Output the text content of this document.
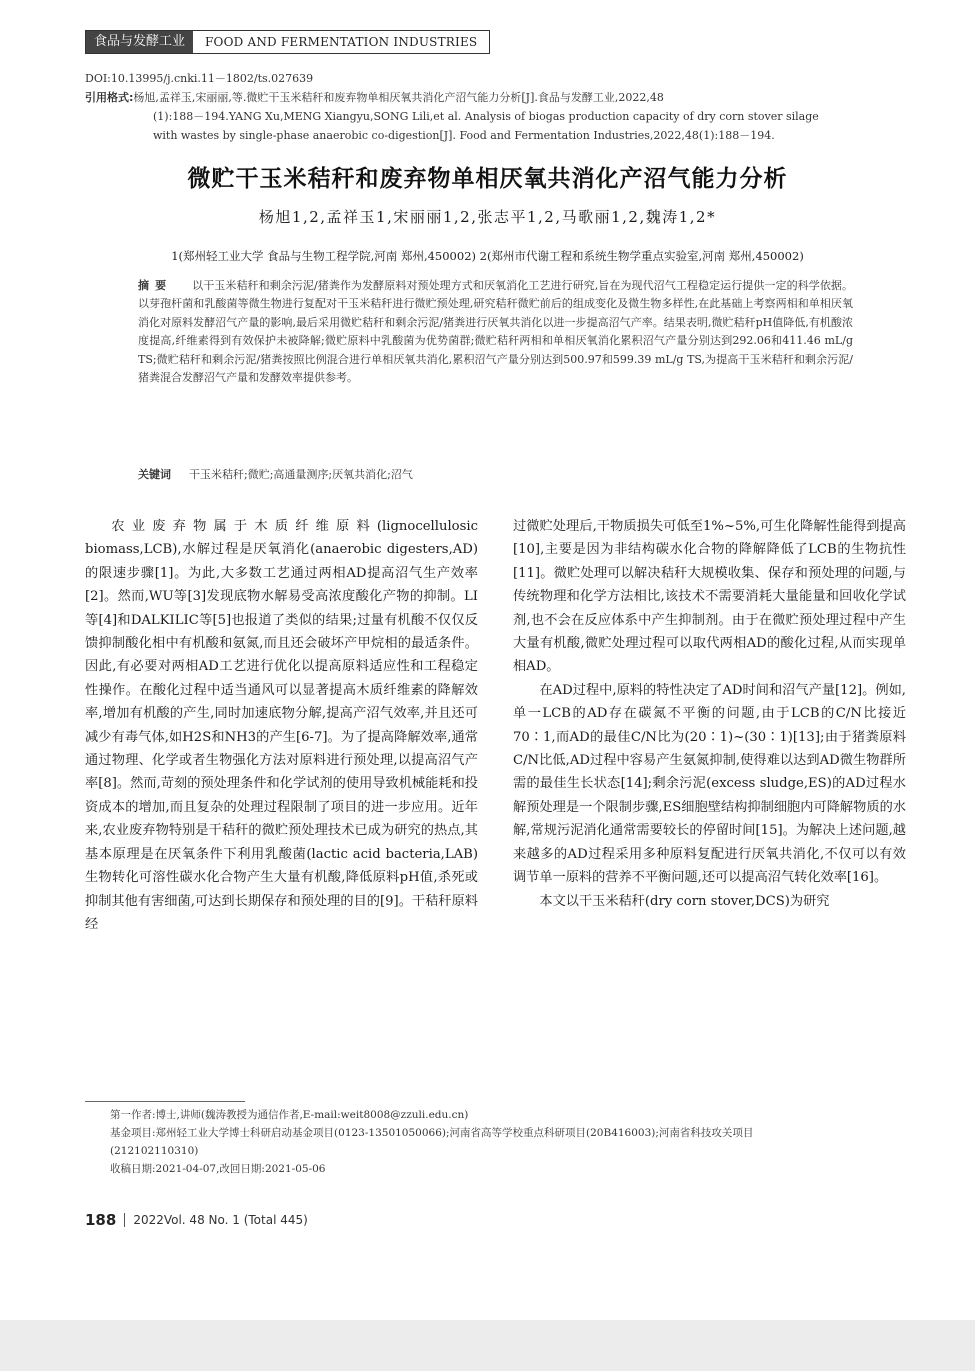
食品与发酵工业	FOOD AND FERMENTATION INDUSTRIES
DOI:10.13995/j.cnki.11－1802/ts.027639
引用格式:杨旭,孟祥玉,宋丽丽,等.微贮干玉米秸秆和废弃物单相厌氧共消化产沼气能力分析[J].食品与发酵工业,2022,48
(1):188－194.YANG Xu,MENG Xiangyu,SONG Lili,et al. Analysis of biogas production capacity of dry corn stover silage
with wastes by single-phase anaerobic co-digestion[J]. Food and Fermentation Industries,2022,48(1):188－194.
微贮干玉米秸秆和废弃物单相厌氧共消化产沼气能力分析
杨旭1,2,孟祥玉1,宋丽丽1,2,张志平1,2,马歌丽1,2,魏涛1,2*
1(郑州轻工业大学 食品与生物工程学院,河南 郑州,450002) 2(郑州市代谢工程和系统生物学重点实验室,河南 郑州,450002)
摘要 以干玉米秸秆和剩余污泥/猪粪作为发酵原料对预处理方式和厌氧消化工艺进行研究,旨在为现代沼气工程稳定运行提供一定的科学依据。以芽孢杆菌和乳酸菌等微生物进行复配对干玉米秸秆进行微贮预处理,研究秸秆微贮前后的组成变化及微生物多样性,在此基础上考察两相和单相厌氧消化对原料发酵沼气产量的影响,最后采用微贮秸秆和剩余污泥/猪粪进行厌氧共消化以进一步提高沼气产率。结果表明,微贮秸秆pH值降低,有机酸浓度提高,纤维素得到有效保护未被降解;微贮原料中乳酸菌为优势菌群;微贮秸秆两相和单相厌氧消化累积沼气产量分别达到292.06和411.46 mL/g TS;微贮秸秆和剩余污泥/猪粪按照比例混合进行单相厌氧共消化,累积沼气产量分别达到500.97和599.39 mL/g TS,为提高干玉米秸秆和剩余污泥/猪粪混合发酵沼气产量和发酵效率提供参考。
关键词 干玉米秸秆;微贮;高通量测序;厌氧共消化;沼气

农业废弃物属于木质纤维原料(lignocellulosic biomass,LCB),水解过程是厌氧消化(anaerobic digesters,AD)的限速步骤[1]。为此,大多数工艺通过两相AD提高沼气生产效率[2]。然而,WU等[3]发现底物水解易受高浓度酸化产物的抑制。LI等[4]和DALKILIC等[5]也报道了类似的结果;过量有机酸不仅仅反馈抑制酸化相中有机酸和氨氮,而且还会破坏产甲烷相的最适条件。因此,有必要对两相AD工艺进行优化以提高原料适应性和工程稳定性操作。在酸化过程中适当通风可以显著提高木质纤维素的降解效率,增加有机酸的产生,同时加速底物分解,提高产沼气效率,并且还可减少有毒气体,如H2S和NH3的产生[6-7]。为了提高降解效率,通常通过物理、化学或者生物强化方法对原料进行预处理,以提高沼气产率[8]。然而,苛刻的预处理条件和化学试剂的使用导致机械能耗和投资成本的增加,而且复杂的处理过程限制了项目的进一步应用。近年来,农业废弃物特别是干秸秆的微贮预处理技术已成为研究的热点,其基本原理是在厌氧条件下利用乳酸菌(lactic acid bacteria,LAB)生物转化可溶性碳水化合物产生大量有机酸,降低原料pH值,杀死或抑制其他有害细菌,可达到长期保存和预处理的目的[9]。干秸秆原料经

过微贮处理后,干物质损失可低至1%~5%,可生化降解性能得到提高[10],主要是因为非结构碳水化合物的降解降低了LCB的生物抗性[11]。微贮处理可以解决秸秆大规模收集、保存和预处理的问题,与传统物理和化学方法相比,该技术不需要消耗大量能量和回收化学试剂,也不会在反应体系中产生抑制剂。由于在微贮预处理过程中产生大量有机酸,微贮处理过程可以取代两相AD的酸化过程,从而实现单相AD。

在AD过程中,原料的特性决定了AD时间和沼气产量[12]。例如,单一LCB的AD存在碳氮不平衡的问题,由于LCB的C/N比接近70∶1,而AD的最佳C/N比为(20∶1)~(30∶1)[13];由于猪粪原料C/N比低,AD过程中容易产生氨氮抑制,使得难以达到AD微生物群所需的最佳生长状态[14];剩余污泥(excess sludge,ES)的AD过程水解预处理是一个限制步骤,ES细胞壁结构抑制细胞内可降解物质的水解,常规污泥消化通常需要较长的停留时间[15]。为解决上述问题,越来越多的AD过程采用多种原料复配进行厌氧共消化,不仅可以有效调节单一原料的营养不平衡问题,还可以提高沼气转化效率[16]。

本文以干玉米秸秆(dry corn stover,DCS)为研究

第一作者:博士,讲师(魏涛教授为通信作者,E-mail:weit8008@zzuli.edu.cn)
基金项目:郑州轻工业大学博士科研启动基金项目(0123-13501050066);河南省高等学校重点科研项目(20B416003);河南省科技攻关项目
(212102110310)
收稿日期:2021-04-07,改回日期:2021-05-06
188 2022Vol. 48 No. 1 (Total 445)
